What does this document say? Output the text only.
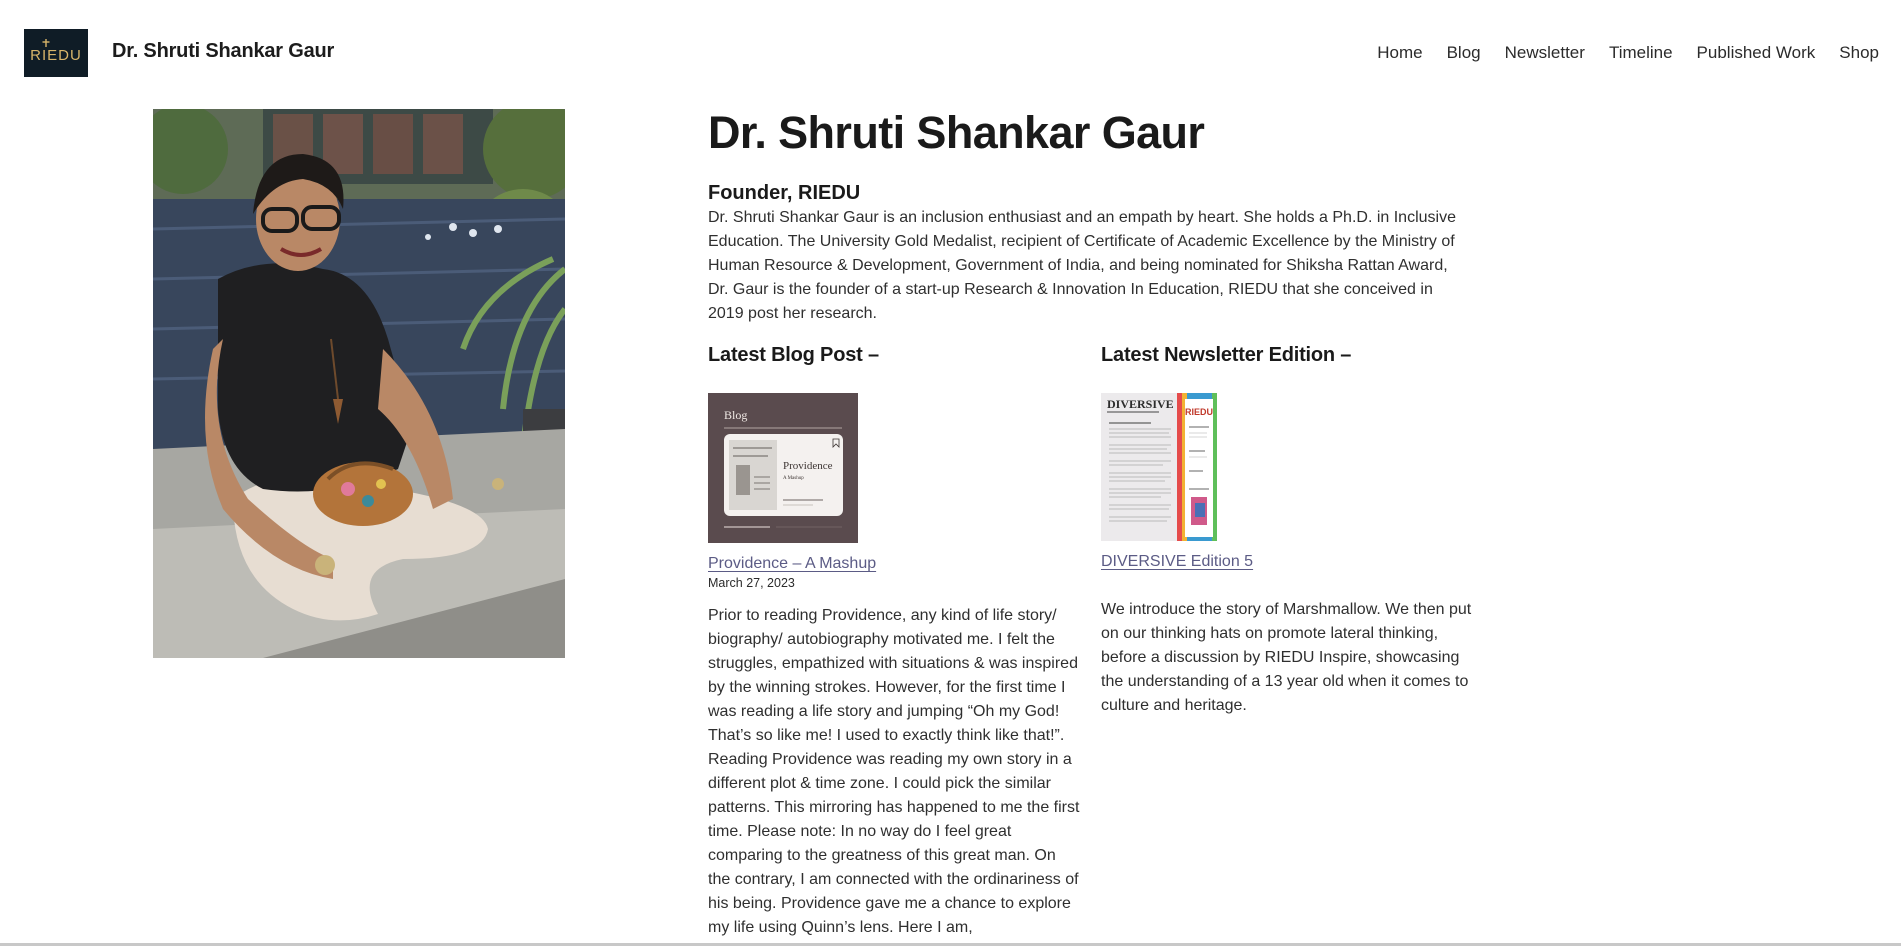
RIEDU Dr. Shruti Shankar Gaur	Home Blog Newsletter Timeline Published Work Shop
Dr. Shruti Shankar Gaur
Founder, RIEDU

Dr. Shruti Shankar Gaur is an inclusion enthusiast and an empath by heart. She holds a Ph.D. in Inclusive Education. The University Gold Medalist, recipient of Certificate of Academic Excellence by the Ministry of Human Resource & Development, Government of India, and being nominated for Shiksha Rattan Award, Dr. Gaur is the founder of a start-up Research & Innovation In Education, RIEDU that she conceived in 2019 post her research.

Latest Blog Post –
Blog
Providence
A Mashup
Providence – A Mashup
March 27, 2023
Prior to reading Providence, any kind of life story/ biography/ autobiography motivated me. I felt the struggles, empathized with situations & was inspired by the winning strokes. However, for the first time I was reading a life story and jumping “Oh my God! That’s so like me! I used to exactly think like that!”. Reading Providence was reading my own story in a different plot & time zone. I could pick the similar patterns. This mirroring has happened to me the first time. Please note: In no way do I feel great comparing to the greatness of this great man. On the contrary, I am connected with the ordinariness of his being. Providence gave me a chance to explore my life using Quinn’s lens. Here I am,
Latest Newsletter Edition –
DIVERSIVE
RIEDU
DIVERSIVE Edition 5
We introduce the story of Marshmallow. We then put on our thinking hats on promote lateral thinking, before a discussion by RIEDU Inspire, showcasing the understanding of a 13 year old when it comes to culture and heritage.
